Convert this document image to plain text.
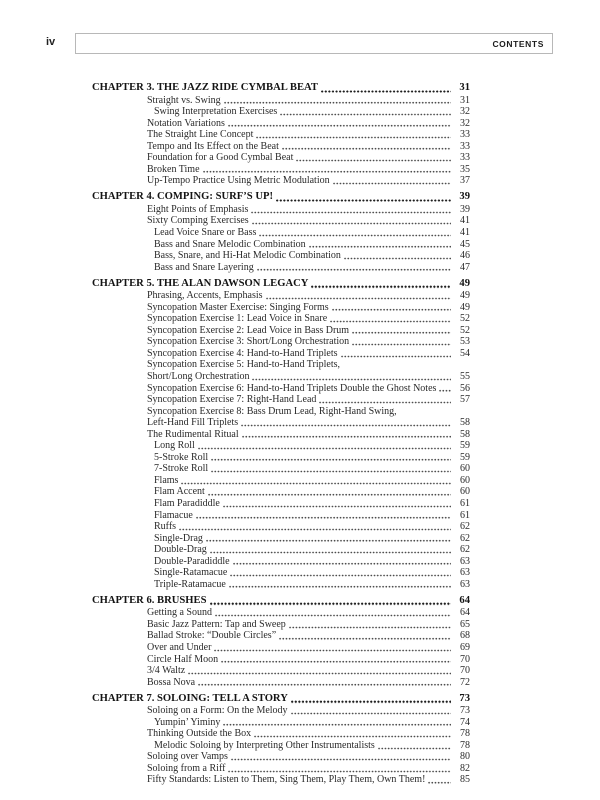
iv	CONTENTS
CHAPTER 3. THE JAZZ RIDE CYMBAL BEAT	31
Straight vs. Swing	31
Swing Interpretation Exercises	32
Notation Variations	32
The Straight Line Concept	33
Tempo and Its Effect on the Beat	33
Foundation for a Good Cymbal Beat	33
Broken Time	35
Up-Tempo Practice Using Metric Modulation	37
CHAPTER 4. COMPING: SURF’S UP!	39
Eight Points of Emphasis	39
Sixty Comping Exercises	41
Lead Voice Snare or Bass	41
Bass and Snare Melodic Combination	45
Bass, Snare, and Hi-Hat Melodic Combination	46
Bass and Snare Layering	47
CHAPTER 5. THE ALAN DAWSON LEGACY	49
Phrasing, Accents, Emphasis	49
Syncopation Master Exercise: Singing Forms	49
Syncopation Exercise 1: Lead Voice in Snare	52
Syncopation Exercise 2: Lead Voice in Bass Drum	52
Syncopation Exercise 3: Short/Long Orchestration	53
Syncopation Exercise 4: Hand-to-Hand Triplets	54
Syncopation Exercise 5: Hand-to-Hand Triplets,
Short/Long Orchestration	55
Syncopation Exercise 6: Hand-to-Hand Triplets Double the Ghost Notes	56
Syncopation Exercise 7: Right-Hand Lead	57
Syncopation Exercise 8: Bass Drum Lead, Right-Hand Swing,
Left-Hand Fill Triplets	58
The Rudimental Ritual	58
Long Roll	59
5-Stroke Roll	59
7-Stroke Roll	60
Flams	60
Flam Accent	60
Flam Paradiddle	61
Flamacue	61
Ruffs	62
Single-Drag	62
Double-Drag	62
Double-Paradiddle	63
Single-Ratamacue	63
Triple-Ratamacue	63
CHAPTER 6. BRUSHES	64
Getting a Sound	64
Basic Jazz Pattern: Tap and Sweep	65
Ballad Stroke: “Double Circles”	68
Over and Under	69
Circle Half Moon	70
3/4 Waltz	70
Bossa Nova	72
CHAPTER 7. SOLOING: TELL A STORY	73
Soloing on a Form: On the Melody	73
Yumpin’ Yiminy	74
Thinking Outside the Box	78
Melodic Soloing by Interpreting Other Instrumentalists	78
Soloing over Vamps	80
Soloing from a Riff	82
Fifty Standards: Listen to Them, Sing Them, Play Them, Own Them!	85
